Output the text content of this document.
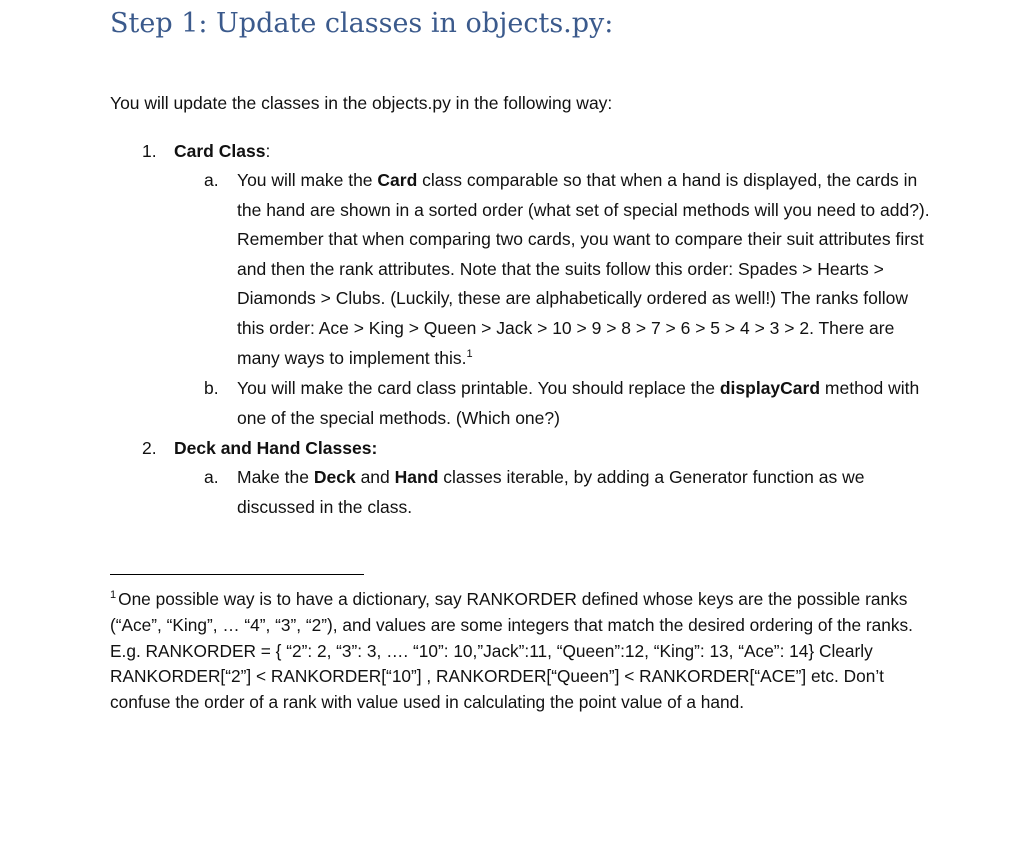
Step 1: Update classes in objects.py:

You will update the classes in the objects.py in the following way:

1. Card Class:
a. You will make the Card class comparable so that when a hand is displayed, the cards in the hand are shown in a sorted order (what set of special methods will you need to add?). Remember that when comparing two cards, you want to compare their suit attributes first and then the rank attributes. Note that the suits follow this order: Spades > Hearts > Diamonds > Clubs. (Luckily, these are alphabetically ordered as well!) The ranks follow this order: Ace > King > Queen > Jack > 10 > 9 > 8 > 7 > 6 > 5 > 4 > 3 > 2. There are many ways to implement this.$^1$
b. You will make the card class printable. You should replace the displayCard method with one of the special methods. (Which one?)
2. Deck and Hand Classes:
a. Make the Deck and Hand classes iterable, by adding a Generator function as we discussed in the class.
$^1$ One possible way is to have a dictionary, say RANKORDER defined whose keys are the possible ranks (“Ace”, “King”, … “4”, “3”, “2”), and values are some integers that match the desired ordering of the ranks. E.g. RANKORDER = { “2”: 2, “3”: 3, …. “10”: 10,”Jack”:11, “Queen”:12, “King”: 13, “Ace”: 14} Clearly RANKORDER[“2”] < RANKORDER[“10”] , RANKORDER[“Queen”] < RANKORDER[“ACE”] etc. Don’t confuse the order of a rank with value used in calculating the point value of a hand.
